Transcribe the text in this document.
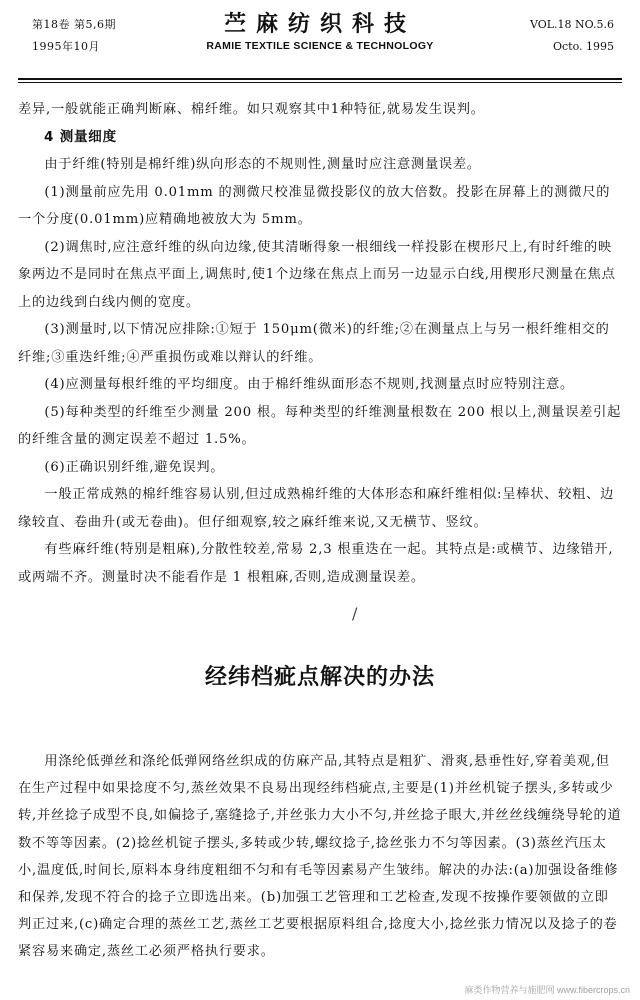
第18卷 第5,6期
1995年10月
苎麻纺织科技
RAMIE TEXTILE SCIENCE & TECHNOLOGY
VOL.18 NO.5.6
Octo. 1995

差异,一般就能正确判断麻、棉纤维。如只观察其中1种特征,就易发生误判。

4 测量细度

由于纤维(特别是棉纤维)纵向形态的不规则性,测量时应注意测量误差。

(1)测量前应先用 0.01mm 的测微尺校准显微投影仪的放大倍数。投影在屏幕上的测微尺的一个分度(0.01mm)应精确地被放大为 5mm。

(2)调焦时,应注意纤维的纵向边缘,使其清晰得象一根细线一样投影在楔形尺上,有时纤维的映象两边不是同时在焦点平面上,调焦时,使1个边缘在焦点上而另一边显示白线,用楔形尺测量在焦点上的边线到白线内侧的宽度。

(3)测量时,以下情况应排除:①短于 150μm(微米)的纤维;②在测量点上与另一根纤维相交的纤维;③重迭纤维;④严重损伤或难以辩认的纤维。

(4)应测量每根纤维的平均细度。由于棉纤维纵面形态不规则,找测量点时应特别注意。

(5)每种类型的纤维至少测量 200 根。每种类型的纤维测量根数在 200 根以上,测量误差引起的纤维含量的测定误差不超过 1.5%。

(6)正确识别纤维,避免误判。

一般正常成熟的棉纤维容易认别,但过成熟棉纤维的大体形态和麻纤维相似:呈棒状、较粗、边缘较直、卷曲升(或无卷曲)。但仔细观察,较之麻纤维来说,又无横节、竖纹。

有些麻纤维(特别是粗麻),分散性较差,常易 2,3 根重迭在一起。其特点是:或横节、边缘错开,或两端不齐。测量时决不能看作是 1 根粗麻,否则,造成测量误差。

/
经纬档疵点解决的办法

用涤纶低弹丝和涤纶低弹网络丝织成的仿麻产品,其特点是粗犷、滑爽,悬垂性好,穿着美观,但在生产过程中如果捻度不匀,蒸丝效果不良易出现经纬档疵点,主要是(1)并丝机锭子摆头,多转或少转,并丝捻子成型不良,如偏捻子,塞缝捻子,并丝张力大小不匀,并丝捻子眼大,并丝丝线缠绕导轮的道数不等等因素。(2)捻丝机锭子摆头,多转或少转,螺纹捻子,捻丝张力不匀等因素。(3)蒸丝汽压太小,温度低,时间长,原料本身纬度粗细不匀和有毛等因素易产生皱纬。解决的办法:(a)加强设备维修和保养,发现不符合的捻子立即选出来。(b)加强工艺管理和工艺检查,发现不按操作要领做的立即判正过来,(c)确定合理的蒸丝工艺,蒸丝工艺要根据原料组合,捻度大小,捻丝张力情况以及捻子的卷紧容易来确定,蒸丝工必须严格执行要求。

麻类作物营养与施肥网 www.fibercrops.cn
